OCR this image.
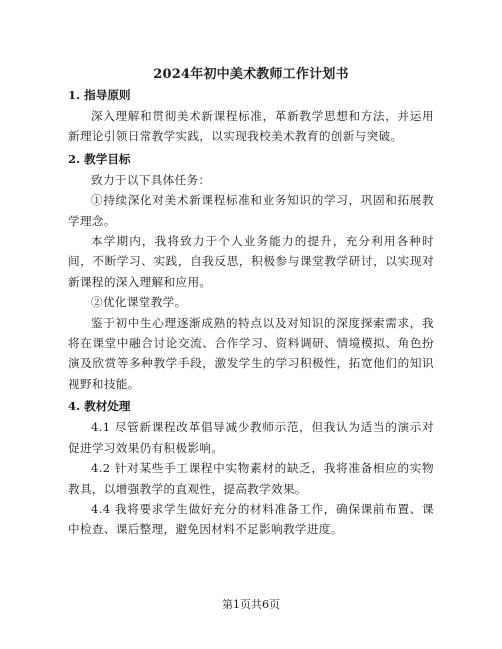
2024年初中美术教师工作计划书
1. 指导原则

深入理解和贯彻美术新课程标准，革新教学思想和方法，并运用新理论引领日常教学实践，以实现我校美术教育的创新与突破。

2. 教学目标

致力于以下具体任务：

①持续深化对美术新课程标准和业务知识的学习，巩固和拓展教学理念。

本学期内，我将致力于个人业务能力的提升，充分利用各种时间，不断学习、实践，自我反思，积极参与课堂教学研讨，以实现对新课程的深入理解和应用。

②优化课堂教学。

鉴于初中生心理逐渐成熟的特点以及对知识的深度探索需求，我将在课堂中融合讨论交流、合作学习、资料调研、情境模拟、角色扮演及欣赏等多种教学手段，激发学生的学习积极性，拓宽他们的知识视野和技能。

4. 教材处理

4.1 尽管新课程改革倡导减少教师示范，但我认为适当的演示对促进学习效果仍有积极影响。

4.2 针对某些手工课程中实物素材的缺乏，我将准备相应的实物教具，以增强教学的直观性，提高教学效果。

4.4 我将要求学生做好充分的材料准备工作，确保课前布置、课中检查、课后整理，避免因材料不足影响教学进度。

第1页共6页
